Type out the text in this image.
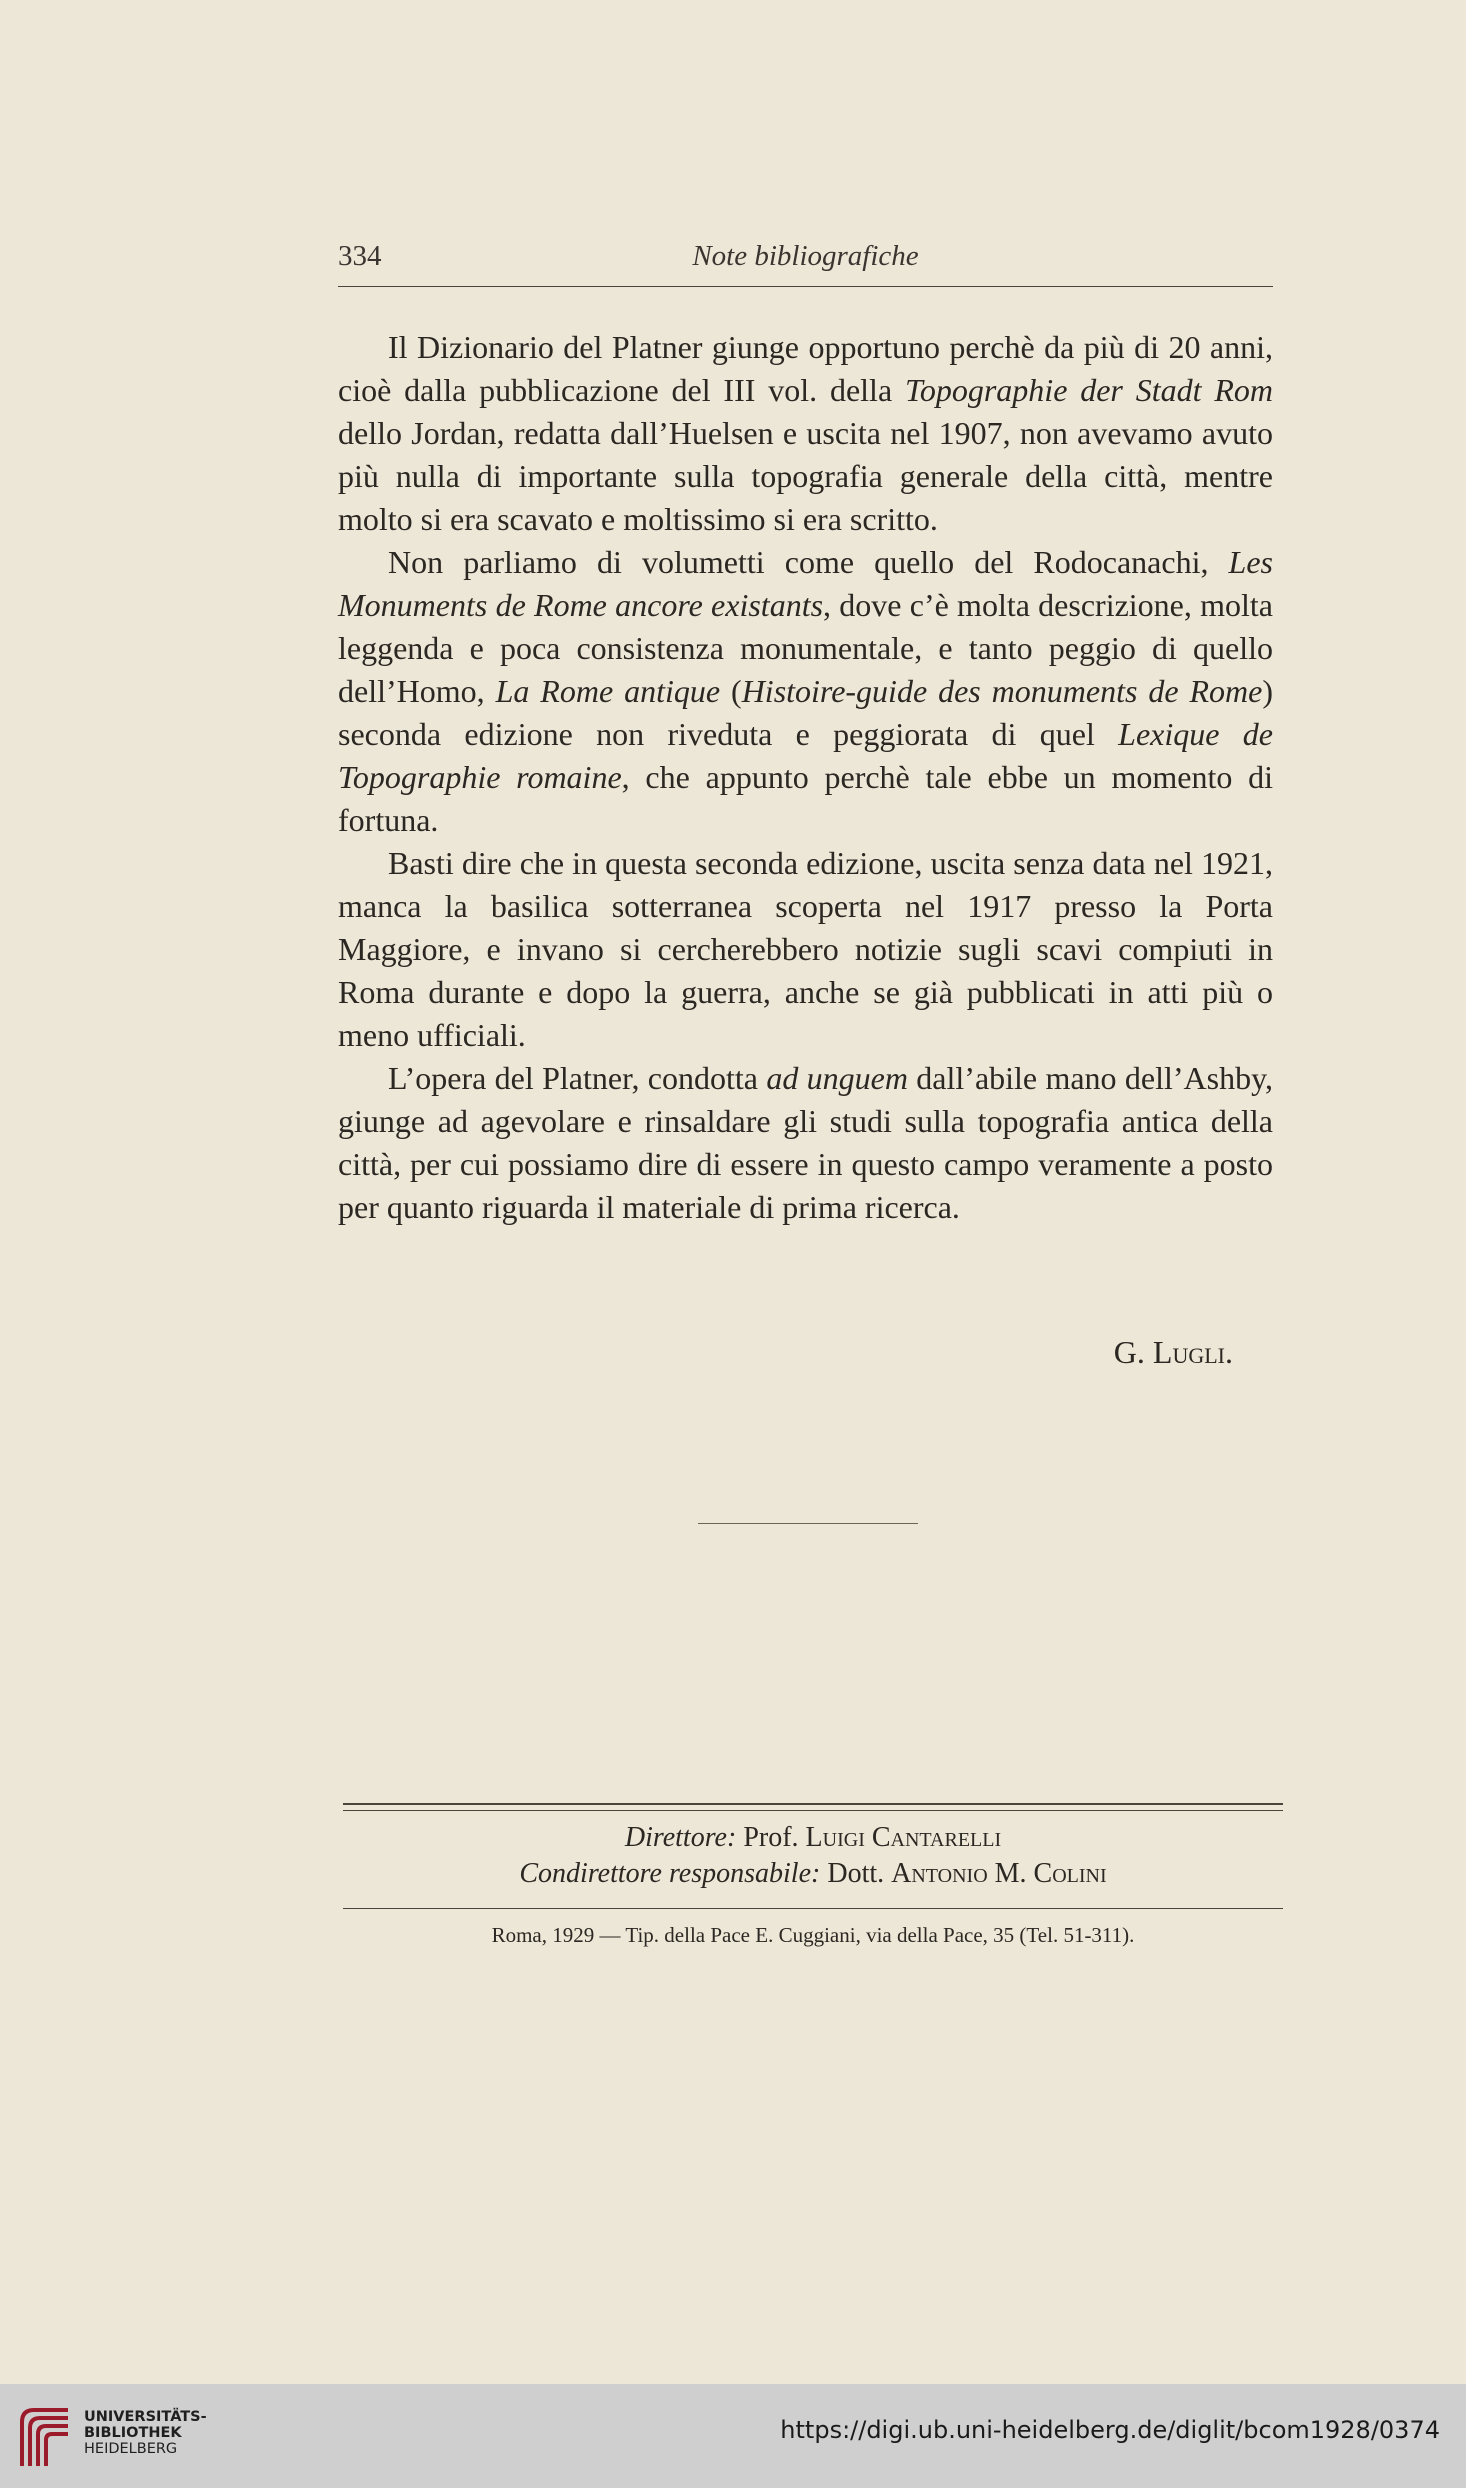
334	Note bibliografiche

Il Dizionario del Platner giunge opportuno perchè da più di 20 anni, cioè dalla pubblicazione del III vol. della Topographie der Stadt Rom dello Jordan, redatta dall’Huelsen e uscita nel 1907, non avevamo avuto più nulla di importante sulla topografia generale della città, mentre molto si era scavato e moltissimo si era scritto.

Non parliamo di volumetti come quello del Rodocanachi, Les Monuments de Rome ancore existants, dove c’è molta descrizione, molta leggenda e poca consistenza monumentale, e tanto peggio di quello dell’Homo, La Rome antique (Histoire-guide des monuments de Rome) seconda edizione non riveduta e peggiorata di quel Lexique de Topographie romaine, che appunto perchè tale ebbe un momento di fortuna.

Basti dire che in questa seconda edizione, uscita senza data nel 1921, manca la basilica sotterranea scoperta nel 1917 presso la Porta Maggiore, e invano si cercherebbero notizie sugli scavi compiuti in Roma durante e dopo la guerra, anche se già pubblicati in atti più o meno ufficiali.

L’opera del Platner, condotta ad unguem dall’abile mano dell’Ashby, giunge ad agevolare e rinsaldare gli studi sulla topografia antica della città, per cui possiamo dire di essere in questo campo veramente a posto per quanto riguarda il materiale di prima ricerca.

G. Lugli.
Direttore: Prof. Luigi Cantarelli
Condirettore responsabile: Dott. Antonio M. Colini
Roma, 1929 — Tip. della Pace E. Cuggiani, via della Pace, 35 (Tel. 51-311).
UNIVERSITÄTS-
BIBLIOTHEK
HEIDELBERG
https://digi.ub.uni-heidelberg.de/diglit/bcom1928/0374
